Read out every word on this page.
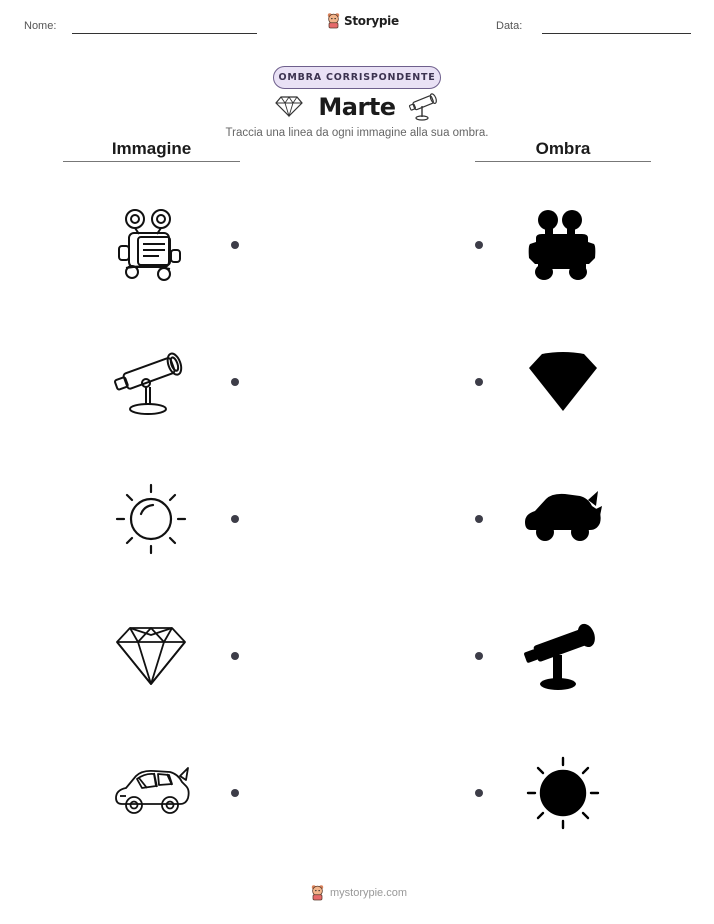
Nome:	Data:
Storypie
OMBRA CORRISPONDENTE
Marte
Traccia una linea da ogni immagine alla sua ombra.
Immagine	Ombra
mystorypie.com
